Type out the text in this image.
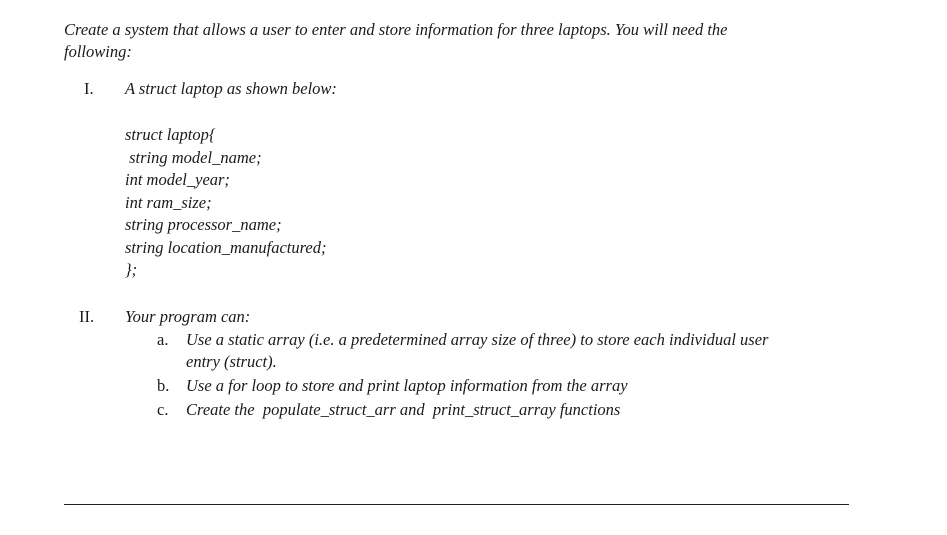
Create a system that allows a user to enter and store information for three laptops. You will need the

following:

I. A struct laptop as shown below:

struct laptop{

string model_name;

int model_year;

int ram_size;

string processor_name;

string location_manufactured;

};

II. Your program can:

a. Use a static array (i.e. a predetermined array size of three) to store each individual user

entry (struct).

b. Use a for loop to store and print laptop information from the array

c. Create the  populate_struct_arr and  print_struct_array functions
